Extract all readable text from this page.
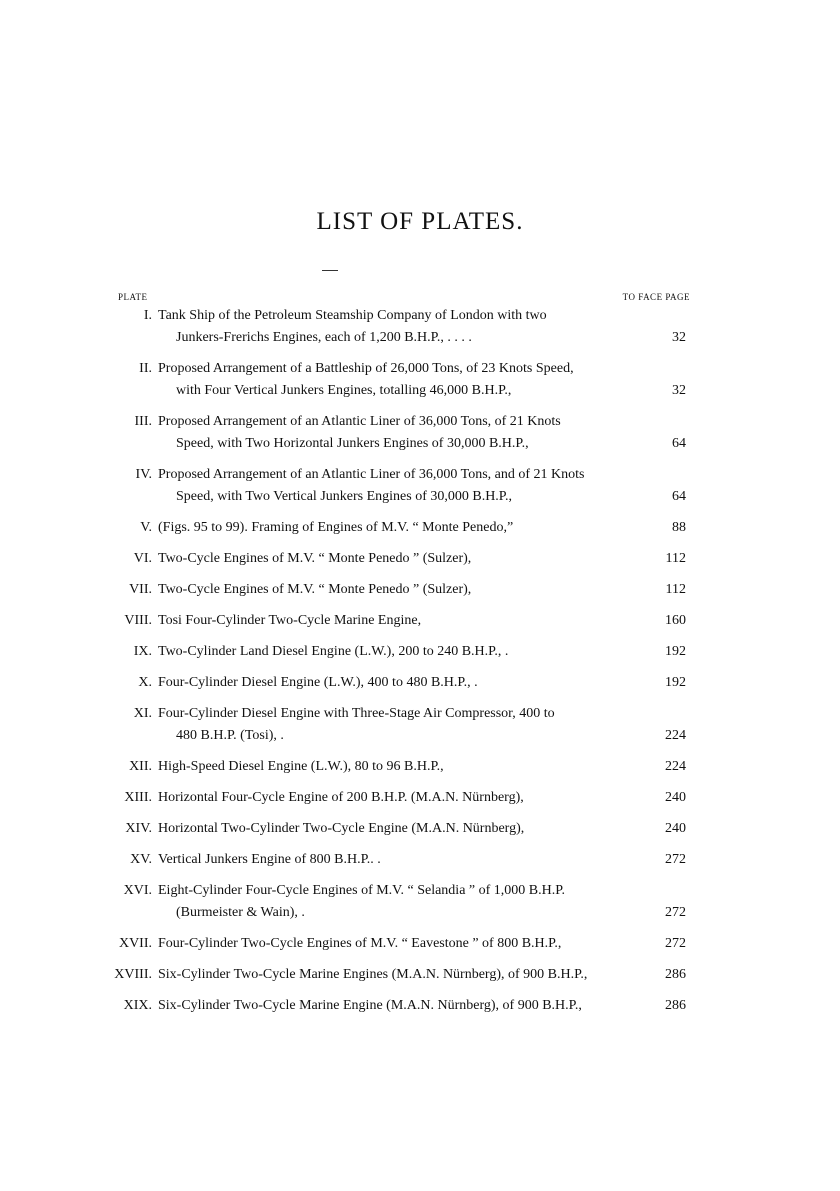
LIST OF PLATES.
PLATE	TO FACE PAGE
I. Tank Ship of the Petroleum Steamship Company of London with two
Junkers-Frerichs Engines, each of 1,200 B.H.P., . . . .	32
II. Proposed Arrangement of a Battleship of 26,000 Tons, of 23 Knots Speed,
with Four Vertical Junkers Engines, totalling 46,000 B.H.P.,	32
III. Proposed Arrangement of an Atlantic Liner of 36,000 Tons, of 21 Knots
Speed, with Two Horizontal Junkers Engines of 30,000 B.H.P.,	64
IV. Proposed Arrangement of an Atlantic Liner of 36,000 Tons, and of 21 Knots
Speed, with Two Vertical Junkers Engines of 30,000 B.H.P.,	64
V. (Figs. 95 to 99). Framing of Engines of M.V. “ Monte Penedo,”	88
VI. Two-Cycle Engines of M.V. “ Monte Penedo ” (Sulzer),	112
VII. Two-Cycle Engines of M.V. “ Monte Penedo ” (Sulzer),	112
VIII. Tosi Four-Cylinder Two-Cycle Marine Engine,	160
IX. Two-Cylinder Land Diesel Engine (L.W.), 200 to 240 B.H.P., .	192
X. Four-Cylinder Diesel Engine (L.W.), 400 to 480 B.H.P., .	192
XI. Four-Cylinder Diesel Engine with Three-Stage Air Compressor, 400 to
480 B.H.P. (Tosi), .	224
XII. High-Speed Diesel Engine (L.W.), 80 to 96 B.H.P.,	224
XIII. Horizontal Four-Cycle Engine of 200 B.H.P. (M.A.N. Nürnberg),	240
XIV. Horizontal Two-Cylinder Two-Cycle Engine (M.A.N. Nürnberg),	240
XV. Vertical Junkers Engine of 800 B.H.P.. .	272
XVI. Eight-Cylinder Four-Cycle Engines of M.V. “ Selandia ” of 1,000 B.H.P.
(Burmeister & Wain), .	272
XVII. Four-Cylinder Two-Cycle Engines of M.V. “ Eavestone ” of 800 B.H.P.,	272
XVIII. Six-Cylinder Two-Cycle Marine Engines (M.A.N. Nürnberg), of 900 B.H.P.,	286
XIX. Six-Cylinder Two-Cycle Marine Engine (M.A.N. Nürnberg), of 900 B.H.P.,	286
